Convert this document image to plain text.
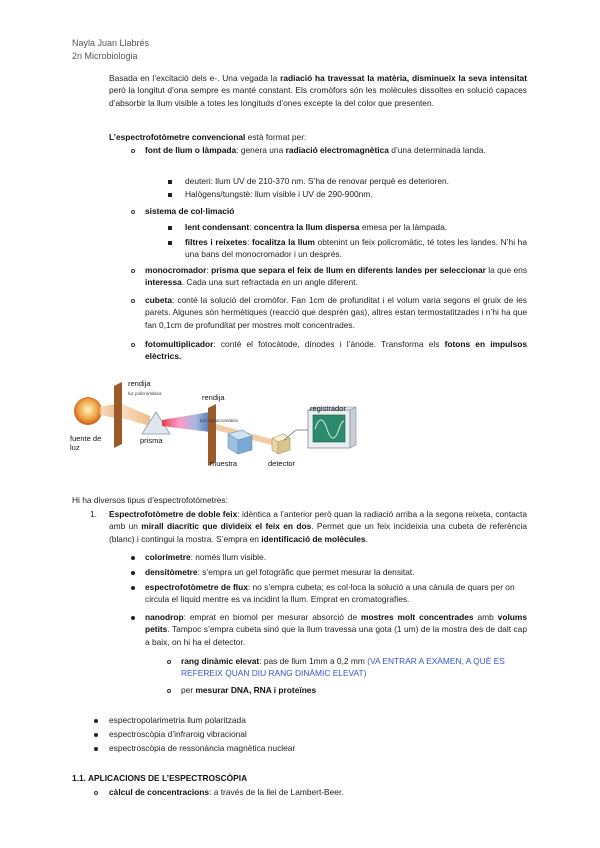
Nayla Juan Llabrés
2n Microbiologia
Basada en l’excitació dels e-. Una vegada la radiació ha travessat la matèria, disminueix la seva intensitat però la longitut d’ona sempre es manté constant. Els cromòfors són les molècules dissoltes en solució capaces d’absorbir la llum visible a totes les longituds d’ones excepte la del color que presenten.
L’espectrofotòmetre convencional està format per:
font de llum o làmpada: genera una radiació electromagnètica d’una determinada landa.
deuteri: llum UV de 210-370 nm. S’ha de renovar perquè es deterioren.
Halògens/tungstè: llum visible i UV de 290-900nm.
sistema de col·limació
lent condensant: concentra la llum dispersa emesa per la làmpada.
filtres i reixetes: focalitza la llum obtenint un feix policromàtic, té totes les landes. N’hi ha una bans del monocromador i un després.
monocromador: prisma que separa el feix de llum en diferents landes per seleccionar la que ens interessa. Cada una surt refractada en un angle diferent.
cubeta: conté la solució del cromòfor. Fan 1cm de profunditat i el volum varia segons el gruix de les parets. Algunes són hermètiques (reacció que desprèn gas), altres estan termostatitzades i n’hi ha que fan 0,1cm de profunditat per mostres molt concentrades.
fotomultiplicador: conté el fotocàtode, dínodes i l’ànode. Transforma els fotons en impulsos elèctrics.
rendija
luz policromática
fuente de luz
prisma
rendija
luz monocromática
muestra	detector
registrador
Hi ha diversos tipus d’espectrofotòmetres:
1. Espectrofotòmetre de doble feix: idèntica a l’anterior però quan la radiació arriba a la segona reixeta, contacta amb un mirall diacrític que divideix el feix en dos. Permet que un feix incideixia una cubeta de referència (blanc) i contingui la mostra. S’empra en identificació de molècules.
colorímetre: només llum visible.
densitòmetre: s’empra un gel fotogràfic que permet mesurar la densitat.
espectrofotòmetre de flux: no s’empra cubeta; es col·loca la solució a una cànula de quars per on circula el líquid mentre es va incidint la llum. Emprat en cromatografies.
nanodrop: emprat en biomol per mesurar absorció de mostres molt concentrades amb volums petits. Tampoc s’empra cubeta sinó que la llum travessa una gota (1 um) de la mostra des de dalt cap a baix, on hi ha el detector.
rang dinàmic elevat: pas de llum 1mm a 0,2 mm (VA ENTRAR A EXAMEN, A QUÈ ES REFEREIX QUAN DIU RANG DINÀMIC ELEVAT)
per mesurar DNA, RNA i proteïnes
espectropolarimetria llum polaritzada
espectroscòpia d’infraroig vibracional
espectroscòpia de ressonància magnètica nuclear
1.1. APLICACIONS DE L’ESPECTROSCÒPIA
càlcul de concentracions: a través de la llei de Lambert-Beer.
